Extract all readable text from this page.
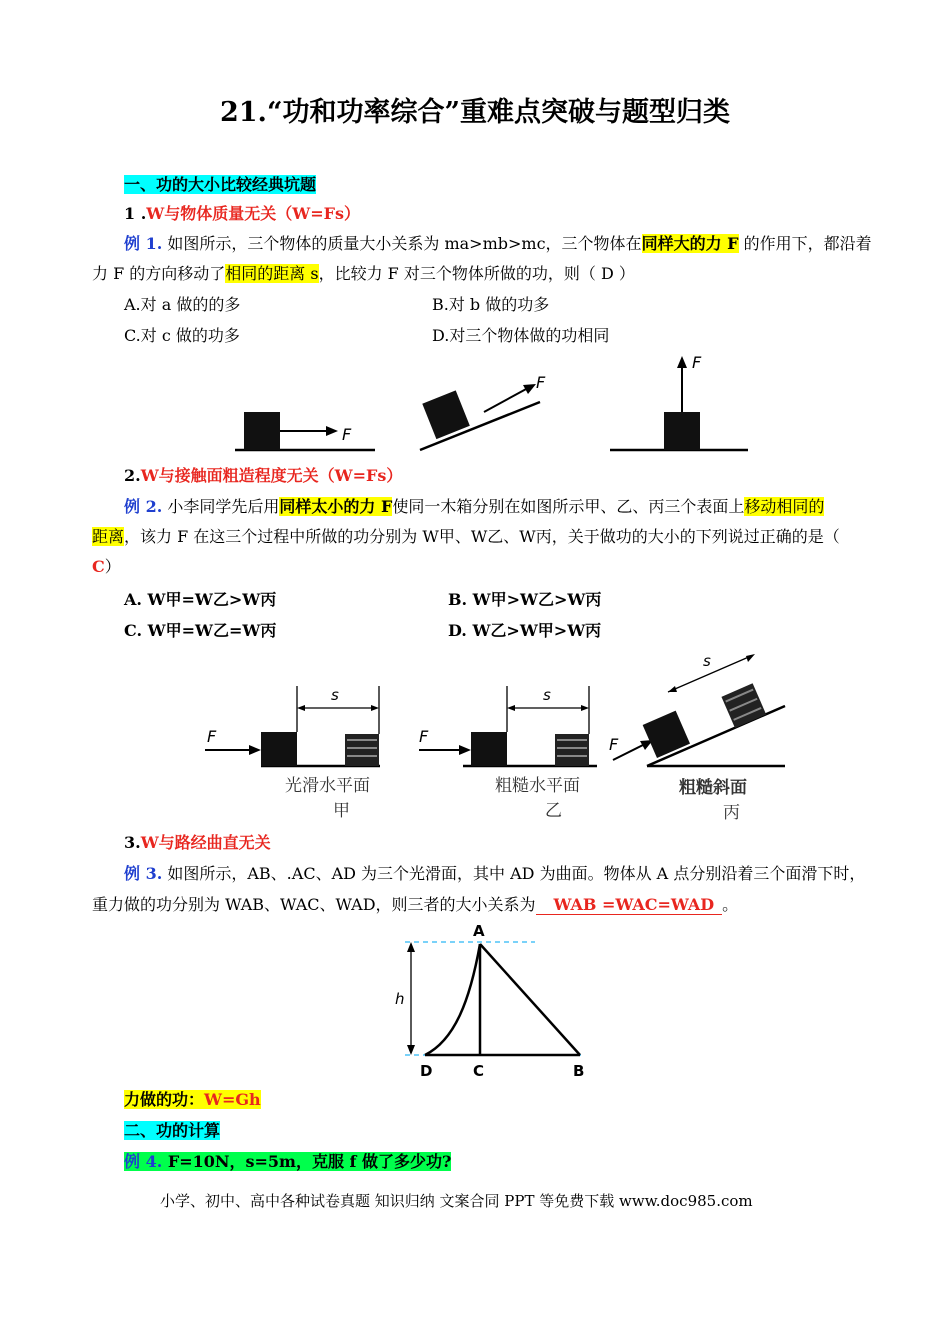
21.“功和功率综合”重难点突破与题型归类
一、功的大小比较经典坑题
1 .W与物体质量无关（W=Fs）
例 1. 如图所示，三个物体的质量大小关系为 ma>mb>mc，三个物体在同样大的力 F 的作用下，都沿着
力 F 的方向移动了相同的距离 s，比较力 F 对三个物体所做的功，则（ D ）
A.对 a 做的的多	B.对 b 做的功多
C.对 c 做的功多	D.对三个物体做的功相同
F
F
F
2.W与接触面粗造程度无关（W=Fs）
例 2. 小李同学先后用同样太小的力 F使同一木箱分别在如图所示甲、乙、丙三个表面上移动相同的
距离，该力 F 在这三个过程中所做的功分别为 W甲、W乙、W丙，关于做功的大小的下列说过正确的是（
C）
A. W甲=W乙>W丙	B. W甲>W乙>W丙
C. W甲=W乙=W丙	D. W乙>W甲>W丙
F
s
光滑水平面
甲
F
s
粗糙水平面
乙
F
s
粗糙斜面
丙
3.W与路经曲直无关
例 3. 如图所示，AB、.AC、AD 为三个光滑面，其中 AD 为曲面。物体从 A 点分别沿着三个面滑下时，
重力做的功分别为 WAB、WAC、WAD，则三者的大小关系为 WAB =WAC=WAD 。
h
A
B
C
D
力做的功：W=Gh
二、功的计算
例 4. F=10N，s=5m，克服 f 做了多少功?
小学、初中、高中各种试卷真题 知识归纳 文案合同 PPT 等免费下载 www.doc985.com
